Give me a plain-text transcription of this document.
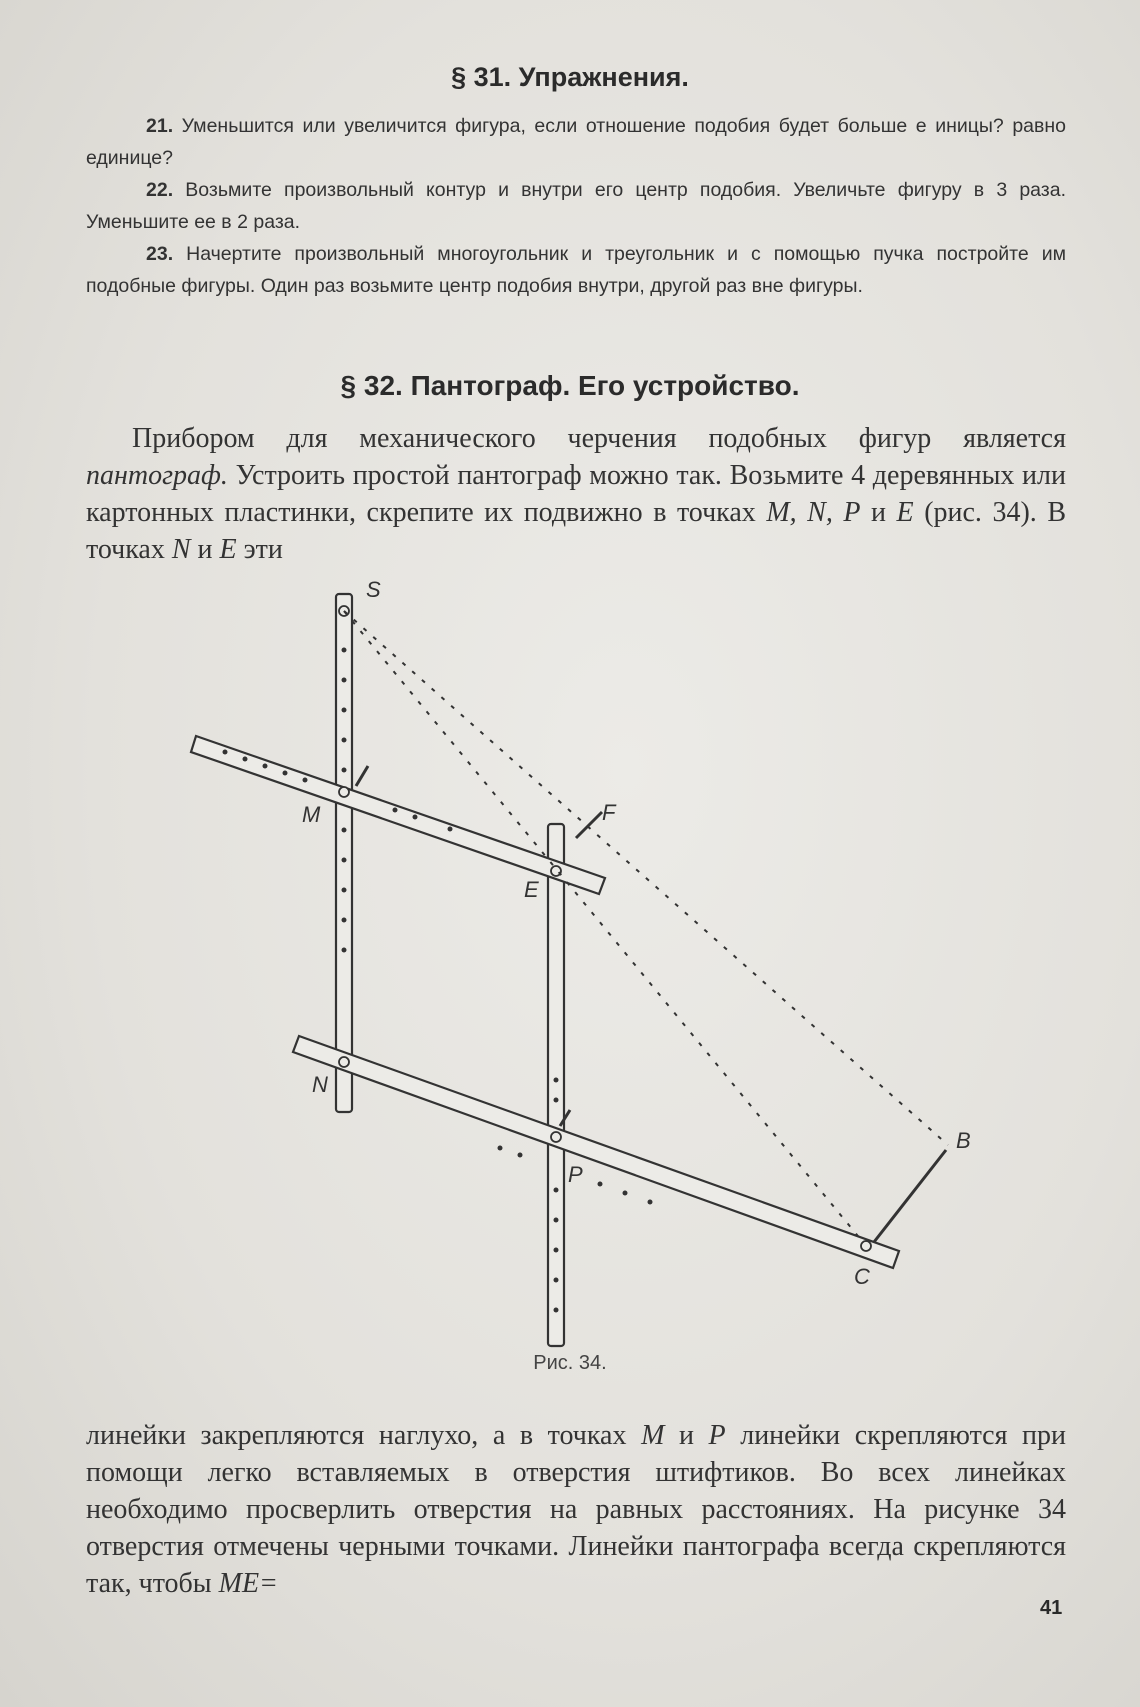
§ 31. Упражнения.
21. Уменьшится или увеличится фигура, если отношение подобия будет больше е иницы? равно единице?
22. Возьмите произвольный контур и внутри его центр подобия. Увеличьте фигуру в 3 раза. Уменьшите ее в 2 раза.
23. Начертите произвольный многоугольник и треугольник и с помощью пучка постройте им подобные фигуры. Один раз возьмите центр подобия внутри, другой раз вне фигуры.
§ 32. Пантограф. Его устройство.
Прибором для механического черчения подобных фигур является пантограф. Устроить простой пантограф можно так. Возьмите 4 деревянных или картонных пластинки, скрепите их подвижно в точках M, N, P и E (рис. 34). В точках N и E эти
S
M	F
E
N
P
B
C
Рис. 34.
линейки закрепляются наглухо, а в точках M и P линейки скрепляются при помощи легко вставляемых в отверстия штифтиков. Во всех линейках необходимо просверлить отверстия на равных расстояниях. На рисунке 34 отверстия отмечены черными точками. Линейки пантографа всегда скрепляются так, чтобы ME=
41
